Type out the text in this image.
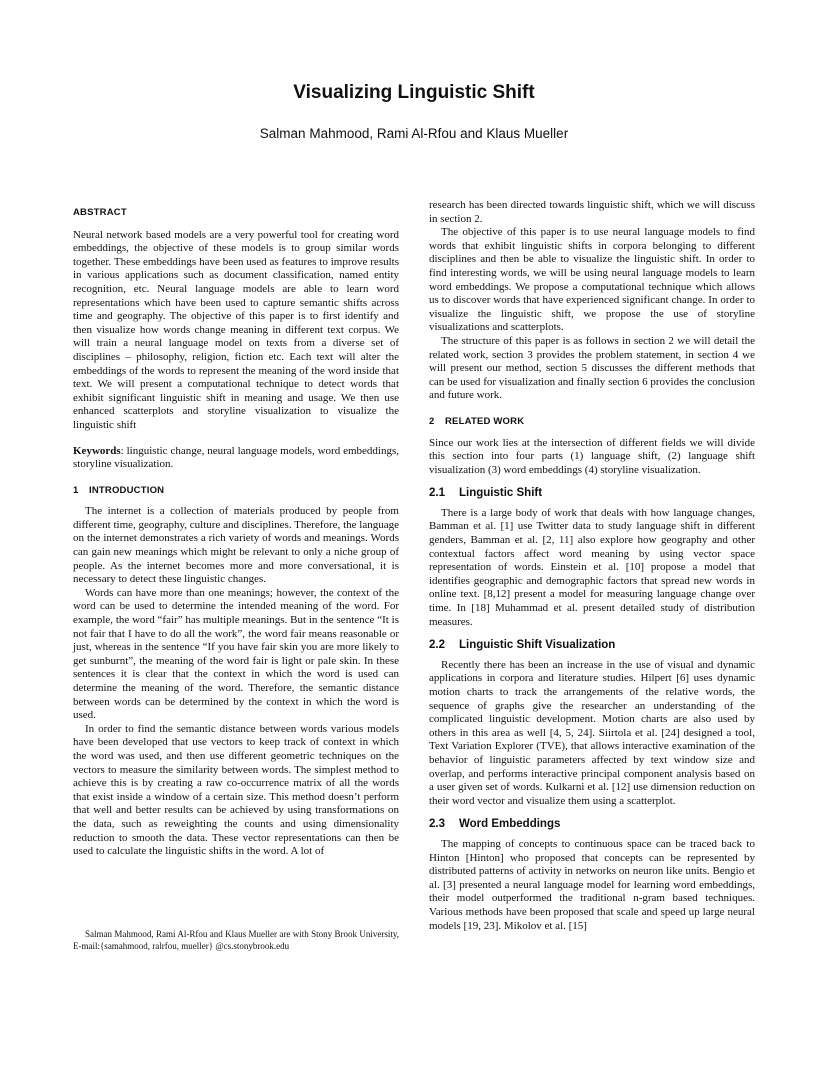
Visualizing Linguistic Shift
Salman Mahmood, Rami Al-Rfou and Klaus Mueller
ABSTRACT

Neural network based models are a very powerful tool for creating word embeddings, the objective of these models is to group similar words together. These embeddings have been used as features to improve results in various applications such as document classification, named entity recognition, etc. Neural language models are able to learn word representations which have been used to capture semantic shifts across time and geography. The objective of this paper is to first identify and then visualize how words change meaning in different text corpus. We will train a neural language model on texts from a diverse set of disciplines – philosophy, religion, fiction etc. Each text will alter the embeddings of the words to represent the meaning of the word inside that text. We will present a computational technique to detect words that exhibit significant linguistic shift in meaning and usage. We then use enhanced scatterplots and storyline visualization to visualize the linguistic shift

Keywords: linguistic change, neural language models, word embeddings, storyline visualization.

1 INTRODUCTION

The internet is a collection of materials produced by people from different time, geography, culture and disciplines. Therefore, the language on the internet demonstrates a rich variety of words and meanings. Words can gain new meanings which might be relevant to only a niche group of people. As the internet becomes more and more conversational, it is necessary to detect these linguistic changes.

Words can have more than one meanings; however, the context of the word can be used to determine the intended meaning of the word. For example, the word “fair” has multiple meanings. But in the sentence “It is not fair that I have to do all the work”, the word fair means reasonable or just, whereas in the sentence “If you have fair skin you are more likely to get sunburnt”, the meaning of the word fair is light or pale skin. In these sentences it is clear that the context in which the word is used can determine the meaning of the word. Therefore, the semantic distance between words can be determined by the context in which the word is used.

In order to find the semantic distance between words various models have been developed that use vectors to keep track of context in which the word was used, and then use different geometric techniques on the vectors to measure the similarity between words. The simplest method to achieve this is by creating a raw co-occurrence matrix of all the words that exist inside a window of a certain size. This method doesn’t perform that well and better results can be achieved by using transformations on the data, such as reweighting the counts and using dimensionality reduction to smooth the data. These vector representations can then be used to calculate the linguistic shifts in the word. A lot of

Salman Mahmood, Rami Al-Rfou and Klaus Mueller are with Stony Brook University, E-mail:{samahmood, ralrfou, mueller} @cs.stonybrook.edu

research has been directed towards linguistic shift, which we will discuss in section 2.

The objective of this paper is to use neural language models to find words that exhibit linguistic shifts in corpora belonging to different disciplines and then be able to visualize the linguistic shift. In order to find interesting words, we will be using neural language models to learn word embeddings. We propose a computational technique which allows us to discover words that have experienced significant change. In order to visualize the linguistic shift, we propose the use of storyline visualizations and scatterplots.

The structure of this paper is as follows in section 2 we will detail the related work, section 3 provides the problem statement, in section 4 we will present our method, section 5 discusses the different methods that can be used for visualization and finally section 6 provides the conclusion and future work.

2 RELATED WORK

Since our work lies at the intersection of different fields we will divide this section into four parts (1) language shift, (2) language shift visualization (3) word embeddings (4) storyline visualization.

2.1 Linguistic Shift

There is a large body of work that deals with how language changes, Bamman et al. [1] use Twitter data to study language shift in different genders, Bamman et al. [2, 11] also explore how geography and other contextual factors affect word meaning by using vector space representation of words. Einstein et al. [10] propose a model that identifies geographic and demographic factors that spread new words in online text. [8,12] present a model for measuring language change over time. In [18] Muhammad et al. present detailed study of distribution measures.

2.2 Linguistic Shift Visualization

Recently there has been an increase in the use of visual and dynamic applications in corpora and literature studies. Hilpert [6] uses dynamic motion charts to track the arrangements of the relative words, the sequence of graphs give the researcher an understanding of the complicated linguistic development. Motion charts are also used by others in this area as well [4, 5, 24]. Siirtola et al. [24] designed a tool, Text Variation Explorer (TVE), that allows interactive examination of the behavior of linguistic parameters affected by text window size and overlap, and performs interactive principal component analysis based on a user given set of words. Kulkarni et al. [12] use dimension reduction on their word vector and visualize them using a scatterplot.

2.3 Word Embeddings

The mapping of concepts to continuous space can be traced back to Hinton [Hinton] who proposed that concepts can be represented by distributed patterns of activity in networks on neuron like units. Bengio et al. [3] presented a neural language model for learning word embeddings, their model outperformed the traditional n-gram based techniques. Various methods have been proposed that scale and speed up large neural models [19, 23]. Mikolov et al. [15]
